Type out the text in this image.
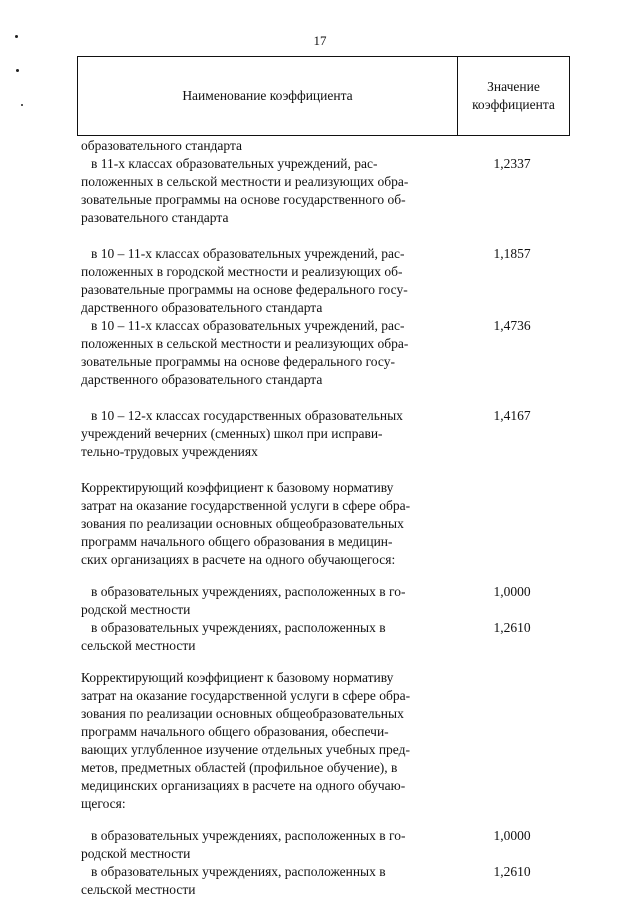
17
Наименование коэффициента
Значение
коэффициента
образовательного стандарта
в 11-х классах образовательных учреждений, рас-
положенных в сельской местности и реализующих обра-
зовательные программы на основе государственного об-
разовательного стандарта
1,2337
в 10 – 11-х классах образовательных учреждений, рас-
положенных в городской местности и реализующих об-
разовательные программы на основе федерального госу-
дарственного образовательного стандарта
1,1857
в 10 – 11-х классах образовательных учреждений, рас-
положенных в сельской местности и реализующих обра-
зовательные программы на основе федерального госу-
дарственного образовательного стандарта
1,4736
в 10 – 12-х классах государственных образовательных
учреждений вечерних (сменных) школ при исправи-
тельно-трудовых учреждениях
1,4167
Корректирующий коэффициент к базовому нормативу
затрат на оказание государственной услуги в сфере обра-
зования по реализации основных общеобразовательных
программ начального общего образования в медицин-
ских организациях в расчете на одного обучающегося:
в образовательных учреждениях, расположенных в го-
родской местности
1,0000
в образовательных учреждениях, расположенных в
сельской местности
1,2610
Корректирующий коэффициент к базовому нормативу
затрат на оказание государственной услуги в сфере обра-
зования по реализации основных общеобразовательных
программ начального общего образования, обеспечи-
вающих углубленное изучение отдельных учебных пред-
метов, предметных областей (профильное обучение), в
медицинских организациях в расчете на одного обучаю-
щегося:
в образовательных учреждениях, расположенных в го-
родской местности
1,0000
в образовательных учреждениях, расположенных в
сельской местности
1,2610
